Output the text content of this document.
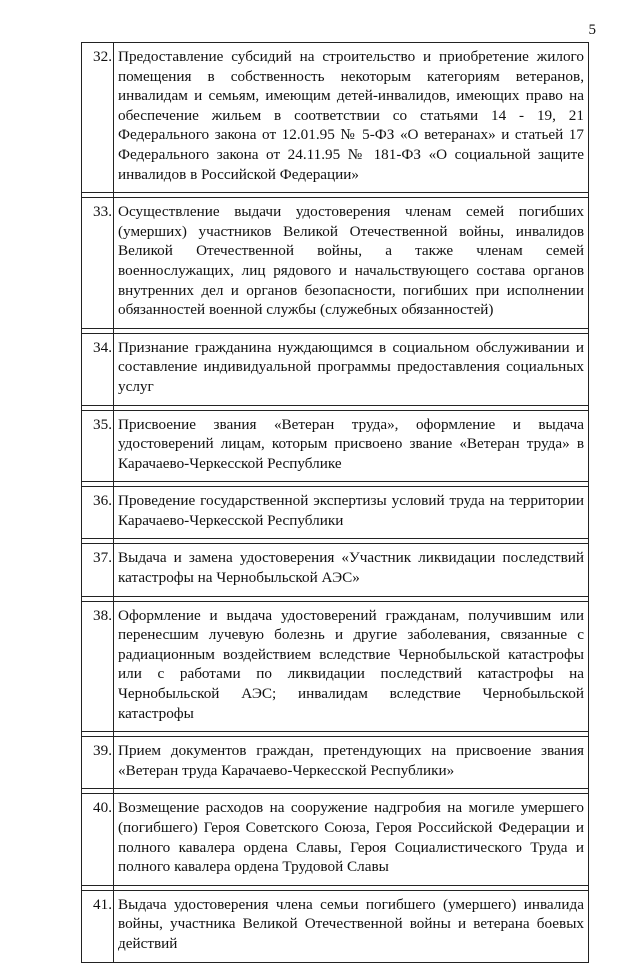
5
32.	Предоставление субсидий на строительство и приобретение жилого помещения в собственность некоторым категориям ветеранов, инвалидам и семьям, имеющим детей-инвалидов, имеющих право на обеспечение жильем в соответствии со статьями 14 - 19, 21 Федерального закона от 12.01.95 № 5-ФЗ «О ветеранах» и статьей 17 Федерального закона от 24.11.95 № 181-ФЗ «О социальной защите инвалидов в Российской Федерации»

33.	Осуществление выдачи удостоверения членам семей погибших (умерших) участников Великой Отечественной войны, инвалидов Великой Отечественной войны, а также членам семей военнослужащих, лиц рядового и начальствующего состава органов внутренних дел и органов безопасности, погибших при исполнении обязанностей военной службы (служебных обязанностей)

34.	Признание гражданина нуждающимся в социальном обслуживании и составление индивидуальной программы предоставления социальных услуг

35.	Присвоение звания «Ветеран труда», оформление и выдача удостоверений лицам, которым присвоено звание «Ветеран труда» в Карачаево-Черкесской Республике

36.	Проведение государственной экспертизы условий труда на территории Карачаево-Черкесской Республики

37.	Выдача и замена удостоверения «Участник ликвидации последствий катастрофы на Чернобыльской АЭС»

38.	Оформление и выдача удостоверений гражданам, получившим или перенесшим лучевую болезнь и другие заболевания, связанные с радиационным воздействием вследствие Чернобыльской катастрофы или с работами по ликвидации последствий катастрофы на Чернобыльской АЭС; инвалидам вследствие Чернобыльской катастрофы

39.	Прием документов граждан, претендующих на присвоение звания «Ветеран труда Карачаево-Черкесской Республики»

40.	Возмещение расходов на сооружение надгробия на могиле умершего (погибшего) Героя Советского Союза, Героя Российской Федерации и полного кавалера ордена Славы, Героя Социалистического Труда и полного кавалера ордена Трудовой Славы

41.	Выдача удостоверения члена семьи погибшего (умершего) инвалида войны, участника Великой Отечественной войны и ветерана боевых действий
